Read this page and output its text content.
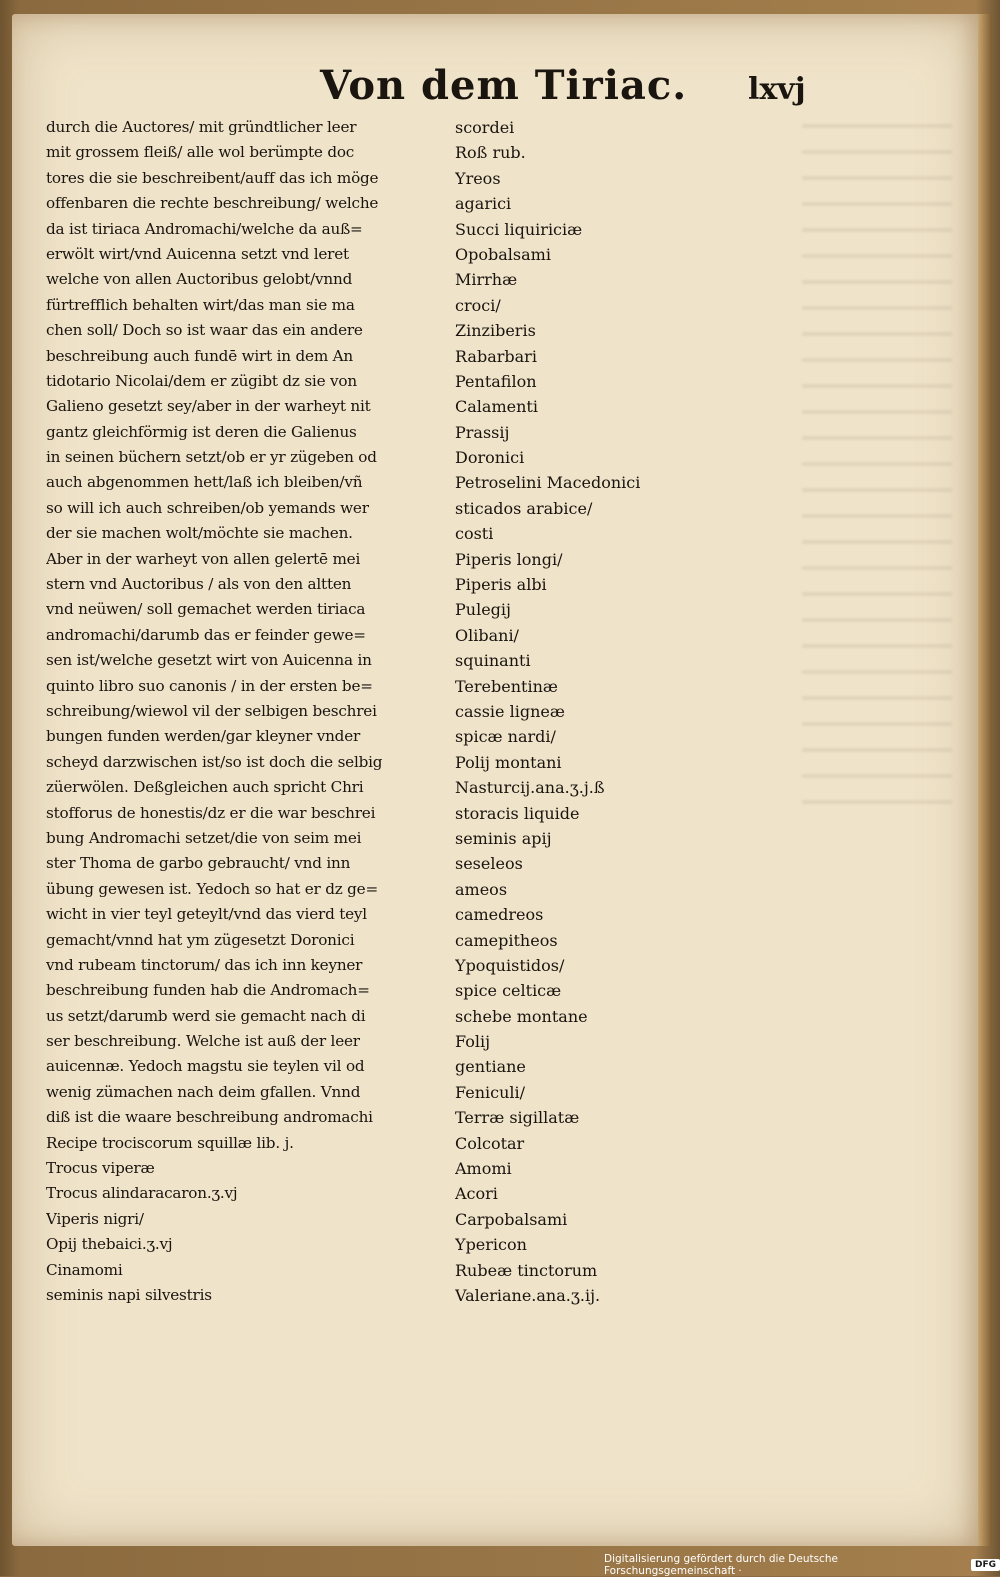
Von dem Tiriac. lxvj
durch die Auctores/ mit gründtlicher leer
mit grossem fleiß/ alle wol berümpte doc
tores die sie beschreibent/auff das ich möge
offenbaren die rechte beschreibung/ welche
da ist tiriaca Andromachi/welche da auß=
erwölt wirt/vnd Auicenna setzt vnd leret
welche von allen Auctoribus gelobt/vnnd
fürtrefflich behalten wirt/das man sie ma
chen soll/ Doch so ist waar das ein andere
beschreibung auch fundē wirt in dem An
tidotario Nicolai/dem er zügibt dz sie von
Galieno gesetzt sey/aber in der warheyt nit
gantz gleichförmig ist deren die Galienus
in seinen büchern setzt/ob er yr zügeben od
auch abgenommen hett/laß ich bleiben/vñ
so will ich auch schreiben/ob yemands wer
der sie machen wolt/möchte sie machen.
Aber in der warheyt von allen gelertē mei
stern vnd Auctoribus / als von den altten
vnd neüwen/ soll gemachet werden tiriaca
andromachi/darumb das er feinder gewe=
sen ist/welche gesetzt wirt von Auicenna in
quinto libro suo canonis / in der ersten be=
schreibung/wiewol vil der selbigen beschrei
bungen funden werden/gar kleyner vnder
scheyd darzwischen ist/so ist doch die selbig
züerwölen. Deßgleichen auch spricht Chri
stofforus de honestis/dz er die war beschrei
bung Andromachi setzet/die von seim mei
ster Thoma de garbo gebraucht/ vnd inn
übung gewesen ist. Yedoch so hat er dz ge=
wicht in vier teyl geteylt/vnd das vierd teyl
gemacht/vnnd hat ym zügesetzt Doronici
vnd rubeam tinctorum/ das ich inn keyner
beschreibung funden hab die Andromach=
us setzt/darumb werd sie gemacht nach di
ser beschreibung. Welche ist auß der leer
auicennæ. Yedoch magstu sie teylen vil od
wenig zümachen nach deim gfallen. Vnnd
diß ist die waare beschreibung andromachi
Recipe trociscorum squillæ lib. j.
Trocus viperæ
Trocus alindaracaron.ʒ.vj
Viperis nigri/
Opij thebaici.ʒ.vj
Cinamomi
seminis napi silvestris
scordei
Roß rub.
Yreos
agarici
Succi liquiriciæ
Opobalsami
Mirrhæ
croci/
Zinziberis
Rabarbari
Pentafilon
Calamenti
Prassij
Doronici
Petroselini Macedonici
sticados arabice/
costi
Piperis longi/
Piperis albi
Pulegij
Olibani/
squinanti
Terebentinæ
cassie ligneæ
spicæ nardi/
Polij montani
Nasturcij.ana.ʒ.j.ß
storacis liquide
seminis apij
seseleos
ameos
camedreos
camepitheos
Ypoquistidos/
spice celticæ
schebe montane
Folij
gentiane
Feniculi/
Terræ sigillatæ
Colcotar
Amomi
Acori
Carpobalsami
Ypericon
Rubeæ tinctorum
Valeriane.ana.ʒ.ij.
Digitalisierung gefördert durch die Deutsche Forschungsgemeinschaft ·	DFG
